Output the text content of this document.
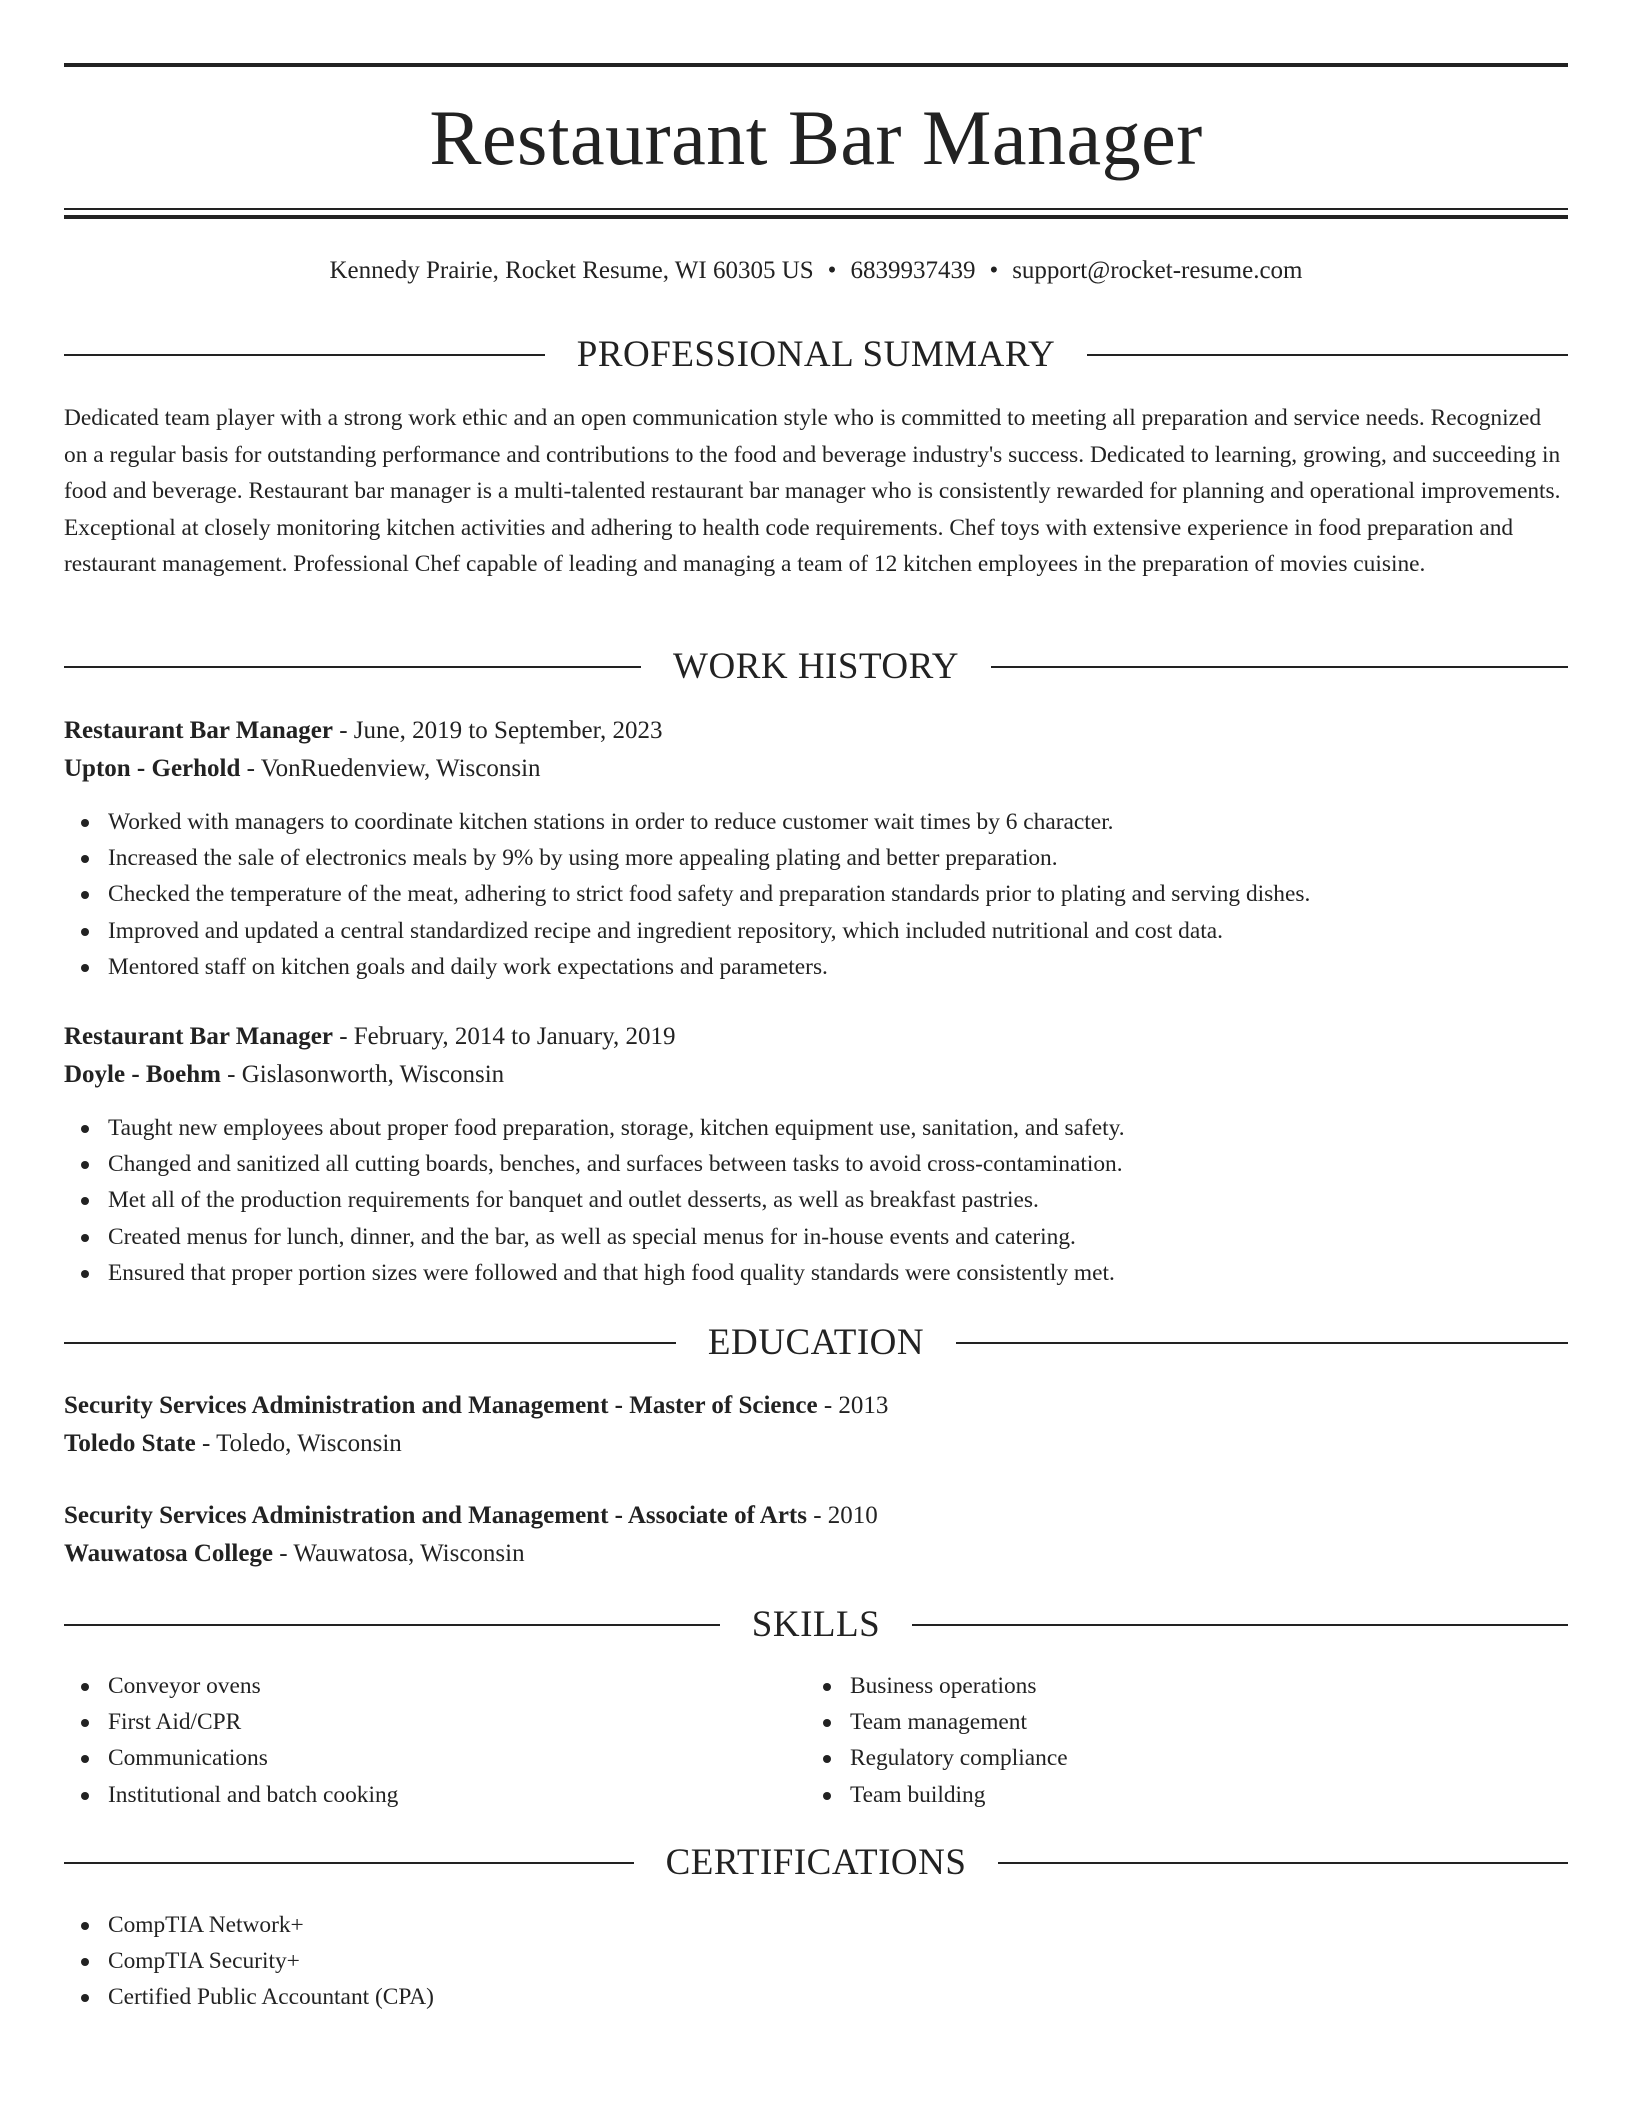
Restaurant Bar Manager
Kennedy Prairie, Rocket Resume, WI 60305 US • 6839937439 • support@rocket-resume.com
PROFESSIONAL SUMMARY

Dedicated team player with a strong work ethic and an open communication style who is committed to meeting all preparation and service needs. Recognized on a regular basis for outstanding performance and contributions to the food and beverage industry's success. Dedicated to learning, growing, and succeeding in food and beverage. Restaurant bar manager is a multi-talented restaurant bar manager who is consistently rewarded for planning and operational improvements. Exceptional at closely monitoring kitchen activities and adhering to health code requirements. Chef toys with extensive experience in food preparation and restaurant management. Professional Chef capable of leading and managing a team of 12 kitchen employees in the preparation of movies cuisine.

WORK HISTORY
Restaurant Bar Manager - June, 2019 to September, 2023
Upton - Gerhold - VonRuedenview, Wisconsin
Worked with managers to coordinate kitchen stations in order to reduce customer wait times by 6 character.
Increased the sale of electronics meals by 9% by using more appealing plating and better preparation.
Checked the temperature of the meat, adhering to strict food safety and preparation standards prior to plating and serving dishes.
Improved and updated a central standardized recipe and ingredient repository, which included nutritional and cost data.
Mentored staff on kitchen goals and daily work expectations and parameters.
Restaurant Bar Manager - February, 2014 to January, 2019
Doyle - Boehm - Gislasonworth, Wisconsin
Taught new employees about proper food preparation, storage, kitchen equipment use, sanitation, and safety.
Changed and sanitized all cutting boards, benches, and surfaces between tasks to avoid cross-contamination.
Met all of the production requirements for banquet and outlet desserts, as well as breakfast pastries.
Created menus for lunch, dinner, and the bar, as well as special menus for in-house events and catering.
Ensured that proper portion sizes were followed and that high food quality standards were consistently met.
EDUCATION
Security Services Administration and Management - Master of Science - 2013
Toledo State - Toledo, Wisconsin
Security Services Administration and Management - Associate of Arts - 2010
Wauwatosa College - Wauwatosa, Wisconsin
SKILLS
Conveyor ovens
First Aid/CPR
Communications
Institutional and batch cooking
Business operations
Team management
Regulatory compliance
Team building
CERTIFICATIONS
CompTIA Network+
CompTIA Security+
Certified Public Accountant (CPA)
